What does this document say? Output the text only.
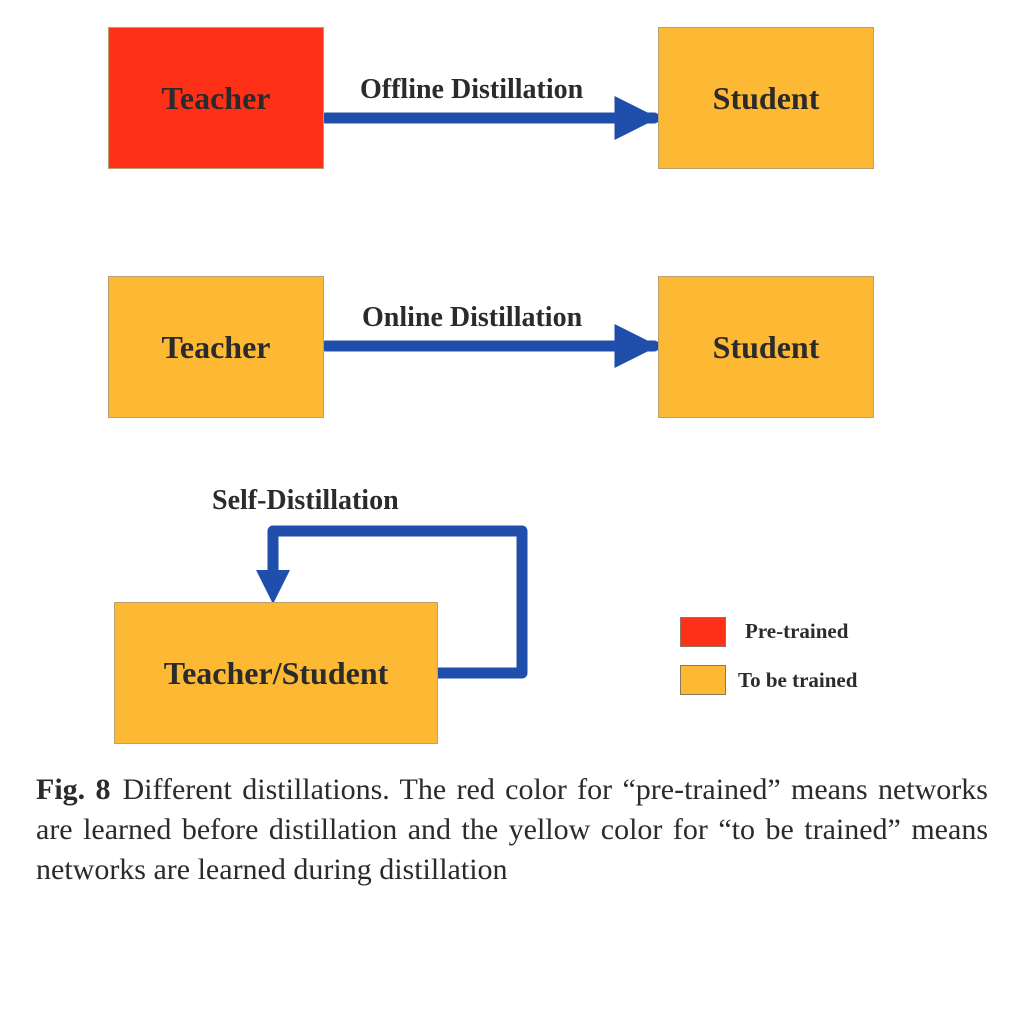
Teacher	Offline Distillation	Student
Teacher
Online Distillation
Student
Self-Distillation
Teacher/Student
Pre-trained
To be trained
Fig. 8 Different distillations. The red color for “pre-trained” means networks are learned before distillation and the yellow color for “to be trained” means networks are learned during distillation
